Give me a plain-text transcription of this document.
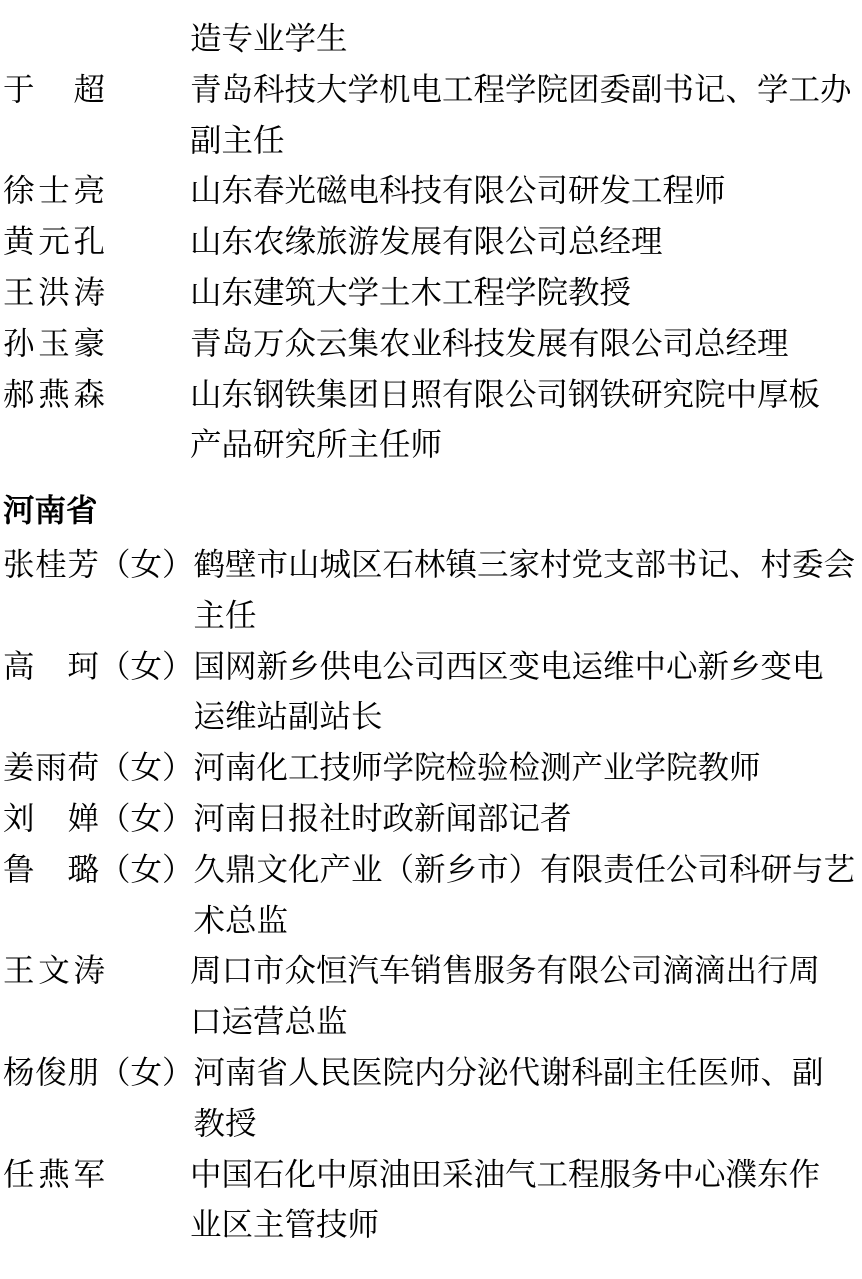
造专业学生
于超	青岛科技大学机电工程学院团委副书记、学工办
副主任
徐士亮	山东春光磁电科技有限公司研发工程师
黄元孔	山东农缘旅游发展有限公司总经理
王洪涛	山东建筑大学土木工程学院教授
孙玉豪	青岛万众云集农业科技发展有限公司总经理
郝燕森	山东钢铁集团日照有限公司钢铁研究院中厚板
产品研究所主任师
河南省
张桂芳（女） 鹤壁市山城区石林镇三家村党支部书记、村委会
主任
高珂（女） 国网新乡供电公司西区变电运维中心新乡变电
运维站副站长
姜雨荷（女） 河南化工技师学院检验检测产业学院教师
刘婵（女） 河南日报社时政新闻部记者
鲁璐（女） 久鼎文化产业（新乡市）有限责任公司科研与艺
术总监
王文涛	周口市众恒汽车销售服务有限公司滴滴出行周
口运营总监
杨俊朋（女） 河南省人民医院内分泌代谢科副主任医师、副
教授
任燕军	中国石化中原油田采油气工程服务中心濮东作
业区主管技师
